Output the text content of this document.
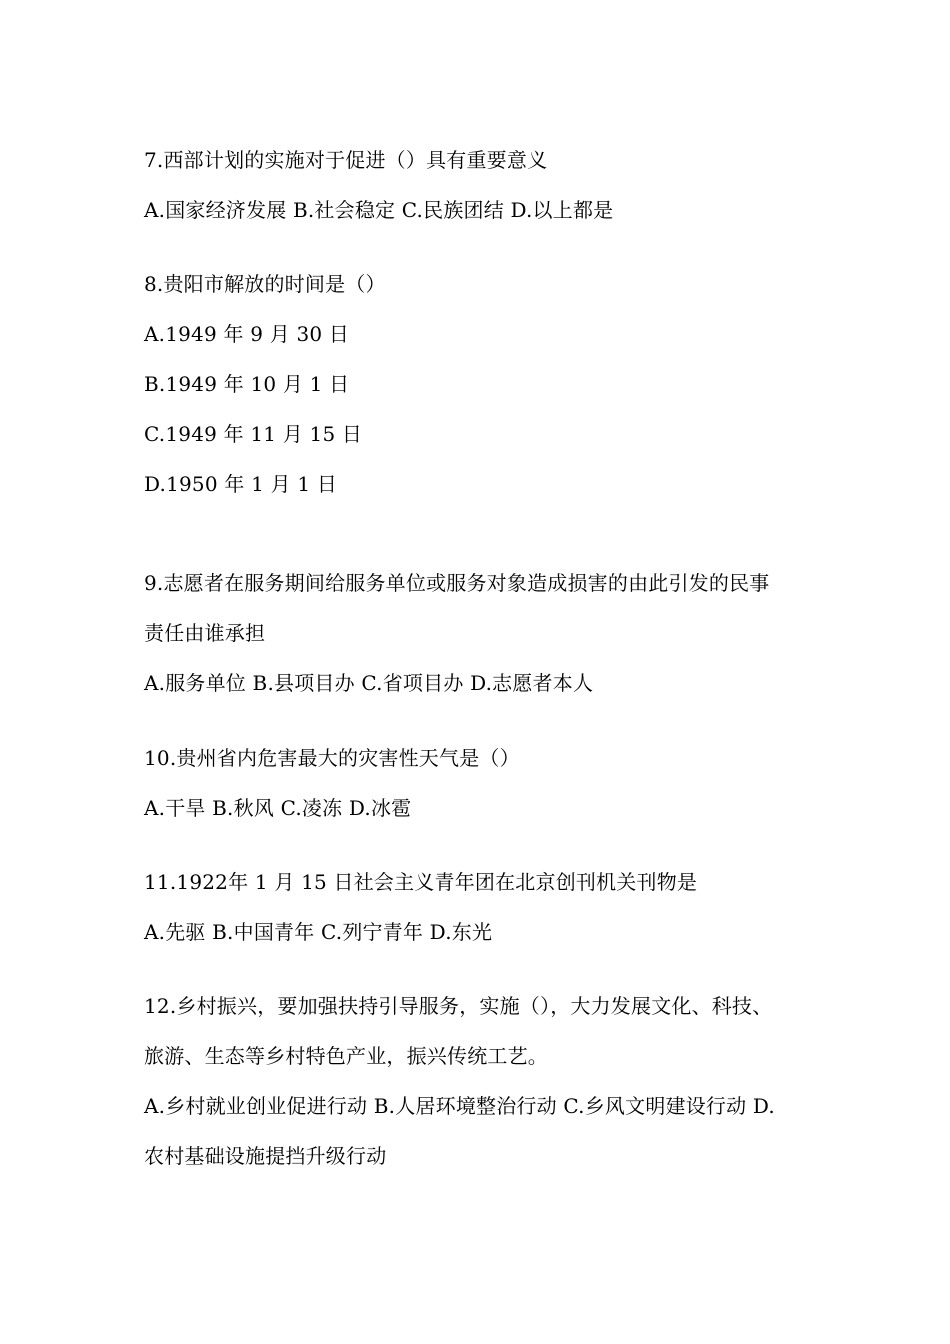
7.西部计划的实施对于促进（）具有重要意义
A.国家经济发展 B.社会稳定 C.民族团结 D.以上都是
8.贵阳市解放的时间是（）
A.1949 年 9 月 30 日
B.1949 年 10 月 1 日
C.1949 年 11 月 15 日
D.1950 年 1 月 1 日
9.志愿者在服务期间给服务单位或服务对象造成损害的由此引发的民事
责任由谁承担
A.服务单位 B.县项目办 C.省项目办 D.志愿者本人
10.贵州省内危害最大的灾害性天气是（）
A.干旱 B.秋风 C.凌冻 D.冰雹
11.1922年 1 月 15 日社会主义青年团在北京创刊机关刊物是
A.先驱 B.中国青年 C.列宁青年 D.东光
12.乡村振兴，要加强扶持引导服务，实施（），大力发展文化、科技、
旅游、生态等乡村特色产业，振兴传统工艺。
A.乡村就业创业促进行动 B.人居环境整治行动 C.乡风文明建设行动 D.
农村基础设施提挡升级行动
